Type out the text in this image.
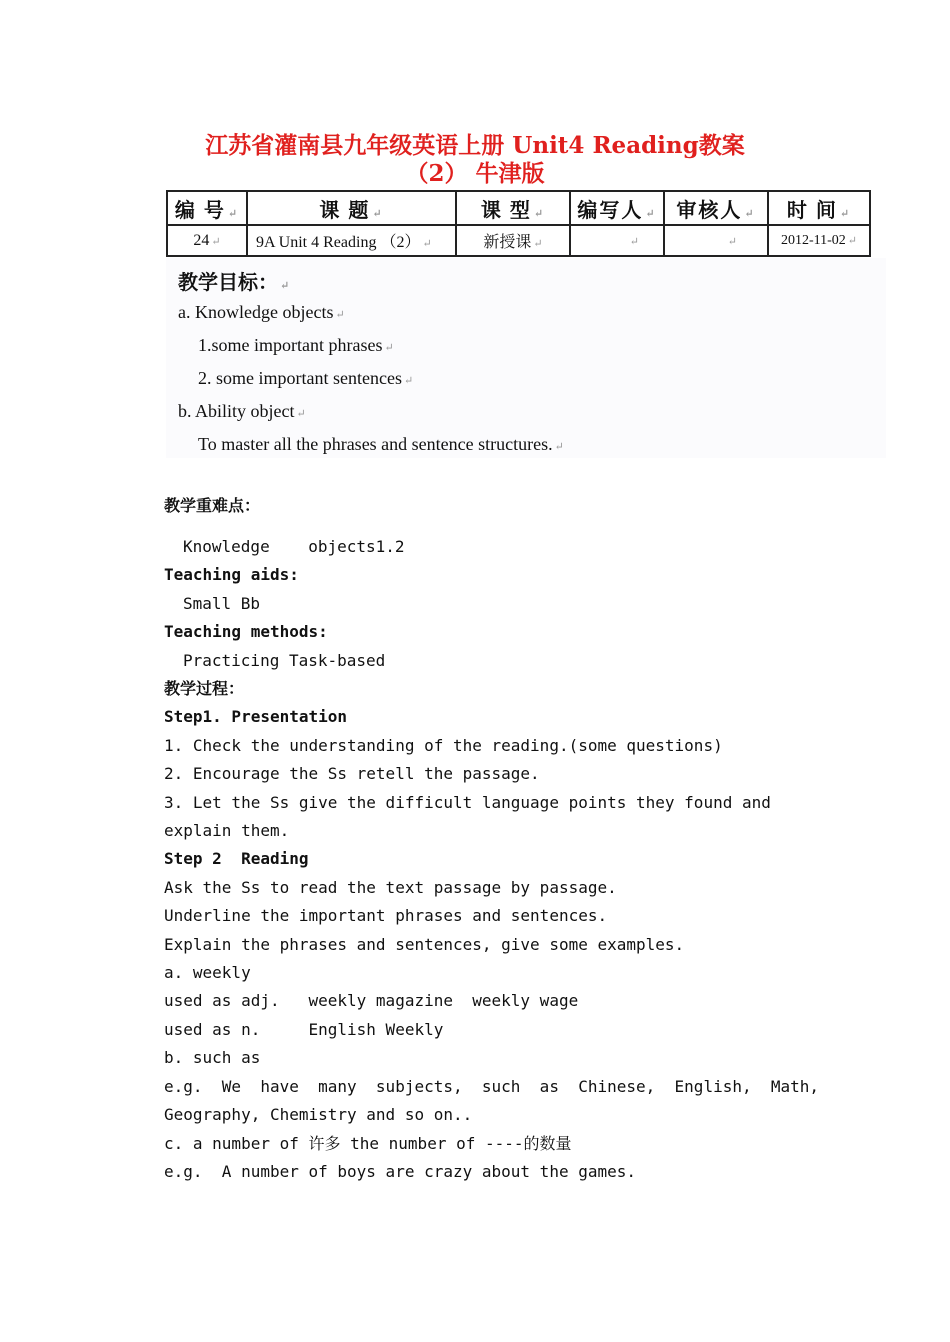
江苏省灌南县九年级英语上册 Unit4 Reading教案
（2） 牛津版
编 号 ↵	课 题 ↵	课 型 ↵	编写人 ↵	审核人 ↵	时 间 ↵
24 ↵	9A Unit 4 Reading （2） ↵	新授课 ↵	↵	↵	2012-11-02 ↵
教学目标： ↵
a. Knowledge objects ↵
1.some important phrases ↵
2. some important sentences ↵
b. Ability object ↵
To master all the phrases and sentence structures. ↵
教学重难点：
Knowledge    objects1.2
Teaching aids:
Small Bb
Teaching methods:
Practicing Task-based
教学过程：
Step1. Presentation
1. Check the understanding of the reading.(some questions)
2. Encourage the Ss retell the passage.
3. Let the Ss give the difficult language points they found and
explain them.
Step 2  Reading
Ask the Ss to read the text passage by passage.
Underline the important phrases and sentences.
Explain the phrases and sentences, give some examples.
a. weekly
used as adj.   weekly magazine  weekly wage
used as n.     English Weekly
b. such as
e.g.  We  have  many  subjects,  such  as  Chinese,  English,  Math,
Geography, Chemistry and so on..
c. a number of 许多 the number of ----的数量
e.g.  A number of boys are crazy about the games.
